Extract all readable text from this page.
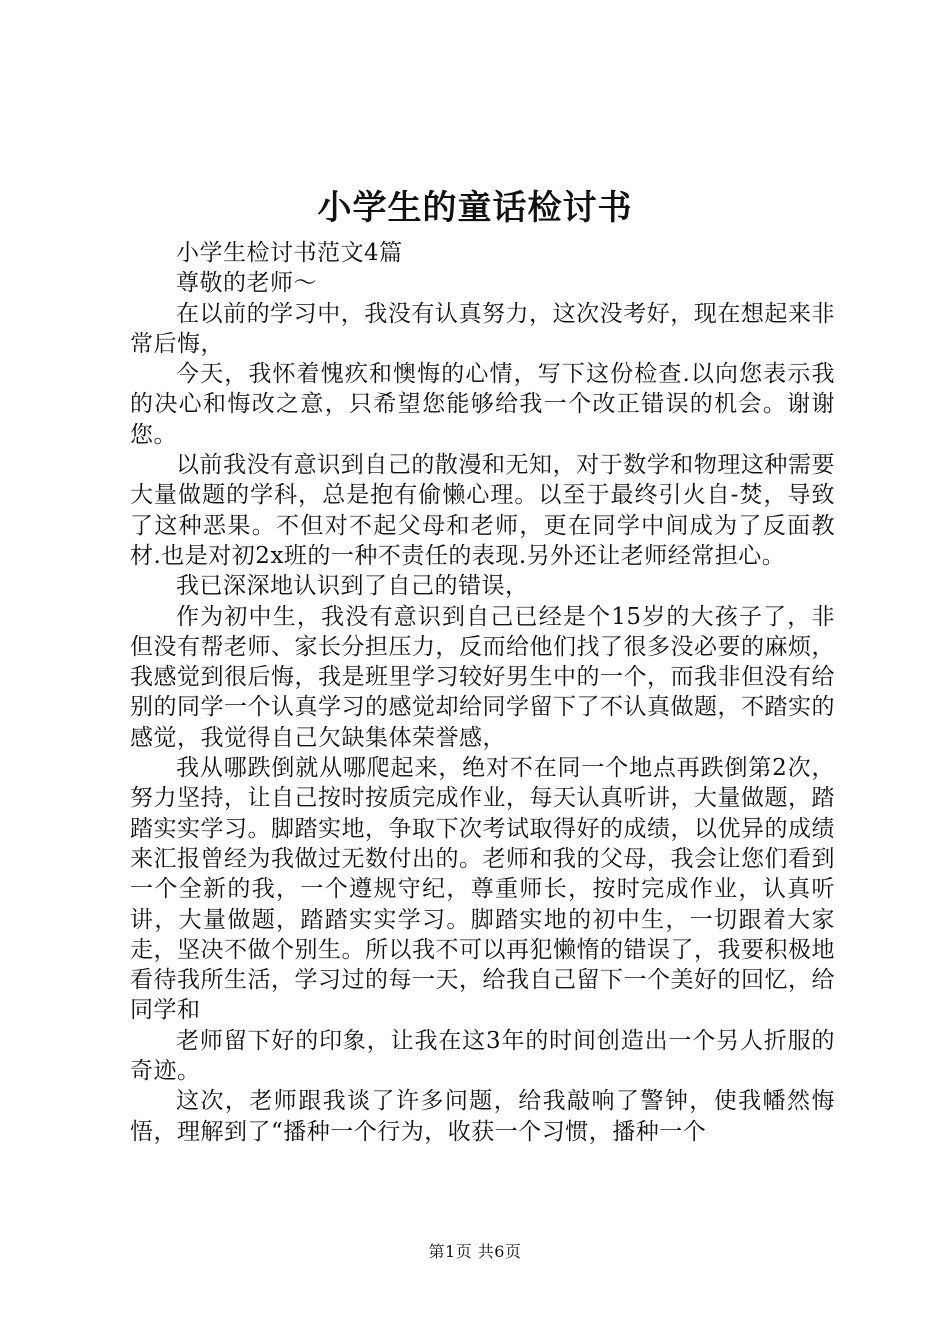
小学生的童话检讨书

小学生检讨书范文4篇

尊敬的老师～

在以前的学习中，我没有认真努力，这次没考好，现在想起来非常后悔，

今天，我怀着愧疚和懊悔的心情，写下这份检查.以向您表示我的决心和悔改之意，只希望您能够给我一个改正错误的机会。谢谢您。

以前我没有意识到自己的散漫和无知，对于数学和物理这种需要大量做题的学科，总是抱有偷懒心理。以至于最终引火自-焚，导致了这种恶果。不但对不起父母和老师，更在同学中间成为了反面教材.也是对初2x班的一种不责任的表现.另外还让老师经常担心。

我已深深地认识到了自己的错误，

作为初中生，我没有意识到自己已经是个15岁的大孩子了，非但没有帮老师、家长分担压力，反而给他们找了很多没必要的麻烦，我感觉到很后悔，我是班里学习较好男生中的一个，而我非但没有给别的同学一个认真学习的感觉却给同学留下了不认真做题，不踏实的感觉，我觉得自己欠缺集体荣誉感，

我从哪跌倒就从哪爬起来，绝对不在同一个地点再跌倒第2次，努力坚持，让自己按时按质完成作业，每天认真听讲，大量做题，踏踏实实学习。脚踏实地，争取下次考试取得好的成绩，以优异的成绩来汇报曾经为我做过无数付出的。老师和我的父母，我会让您们看到一个全新的我，一个遵规守纪，尊重师长，按时完成作业，认真听讲，大量做题，踏踏实实学习。脚踏实地的初中生，一切跟着大家走，坚决不做个别生。所以我不可以再犯懒惰的错误了，我要积极地看待我所生活，学习过的每一天，给我自己留下一个美好的回忆，给同学和

老师留下好的印象，让我在这3年的时间创造出一个另人折服的奇迹。

这次，老师跟我谈了许多问题，给我敲响了警钟，使我幡然悔悟，理解到了“播种一个行为，收获一个习惯，播种一个

第1页 共6页
